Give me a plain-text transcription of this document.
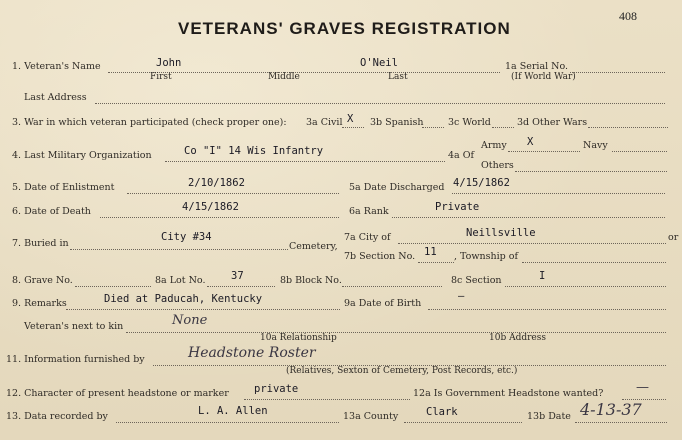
408
VETERANS' GRAVES REGISTRATION
1. Veteran's Name	John	O'Neil
First	Middle	Last
1a Serial No.
(If World War)
Last Address
3. War in which veteran participated (check proper one): 3a Civil X 3b Spanish	3c World	3d Other Wars
4. Last Military Organization	Co "I" 14 Wis Infantry	4a Of
Army X	Navy
Others
5. Date of Enlistment	2/10/1862	5a Date Discharged 4/15/1862
6. Date of Death	4/15/1862	6a Rank	Private
7. Buried in
City #34
Cemetery,
7a City of	Neillsville	or
7b Section No. 11 , Township of
8. Grave No.	8a Lot No. 37	8b Block No.	8c Section	I
9. Remarks	Died at Paducah, Kentucky	9a Date of Birth
—
Veteran's next to kin	None
10a Relationship	10b Address
11. Information furnished by	Headstone Roster
(Relatives, Sexton of Cemetery, Post Records, etc.)
12. Character of present headstone or marker private	12a Is Government Headstone wanted?	—
13. Data recorded by	L. A. Allen	13a County	Clark	13b Date 4-13-37
